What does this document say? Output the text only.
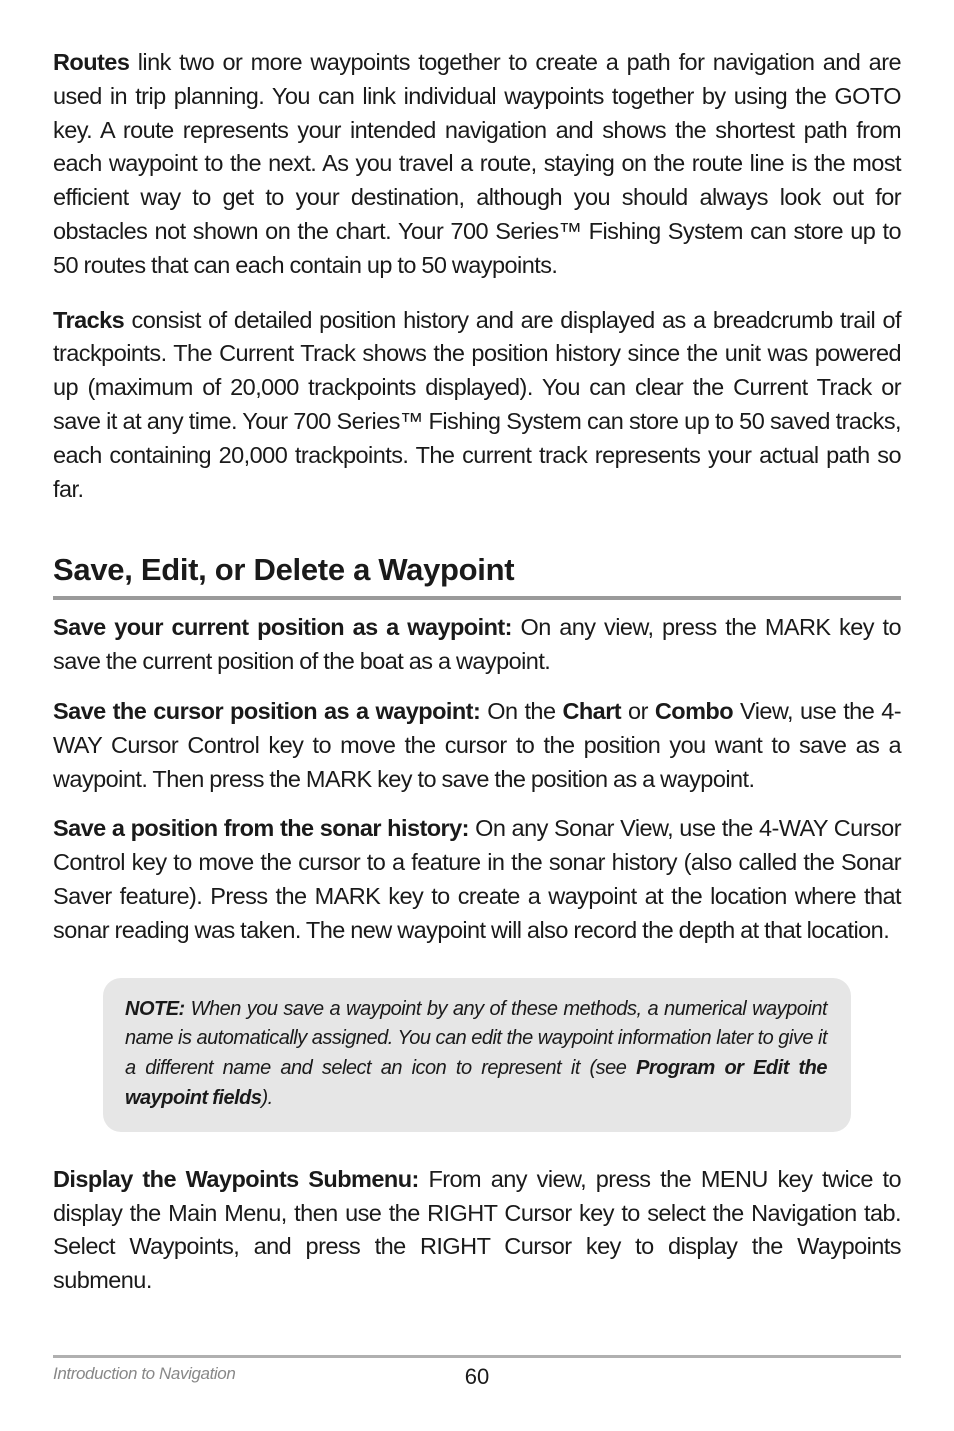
Routes link two or more waypoints together to create a path for navigation and are used in trip planning. You can link individual waypoints together by using the GOTO key. A route represents your intended navigation and shows the shortest path from each waypoint to the next. As you travel a route, staying on the route line is the most efficient way to get to your destination, although you should always look out for obstacles not shown on the chart. Your 700 Series™ Fishing System can store up to 50 routes that can each contain up to 50 waypoints.

Tracks consist of detailed position history and are displayed as a breadcrumb trail of trackpoints. The Current Track shows the position history since the unit was powered up (maximum of 20,000 trackpoints displayed). You can clear the Current Track or save it at any time. Your 700 Series™ Fishing System can store up to 50 saved tracks, each containing 20,000 trackpoints. The current track represents your actual path so far.

Save, Edit, or Delete a Waypoint

Save your current position as a waypoint: On any view, press the MARK key to save the current position of the boat as a waypoint.

Save the cursor position as a waypoint: On the Chart or Combo View, use the 4-WAY Cursor Control key to move the cursor to the position you want to save as a waypoint. Then press the MARK key to save the position as a waypoint.

Save a position from the sonar history: On any Sonar View, use the 4-WAY Cursor Control key to move the cursor to a feature in the sonar history (also called the Sonar Saver feature). Press the MARK key to create a waypoint at the location where that sonar reading was taken. The new waypoint will also record the depth at that location.

NOTE: When you save a waypoint by any of these methods, a numerical waypoint name is automatically assigned. You can edit the waypoint information later to give it a different name and select an icon to represent it (see Program or Edit the waypoint fields).

Display the Waypoints Submenu: From any view, press the MENU key twice to display the Main Menu, then use the RIGHT Cursor key to select the Navigation tab. Select Waypoints, and press the RIGHT Cursor key to display the Waypoints submenu.

Introduction to Navigation	60
